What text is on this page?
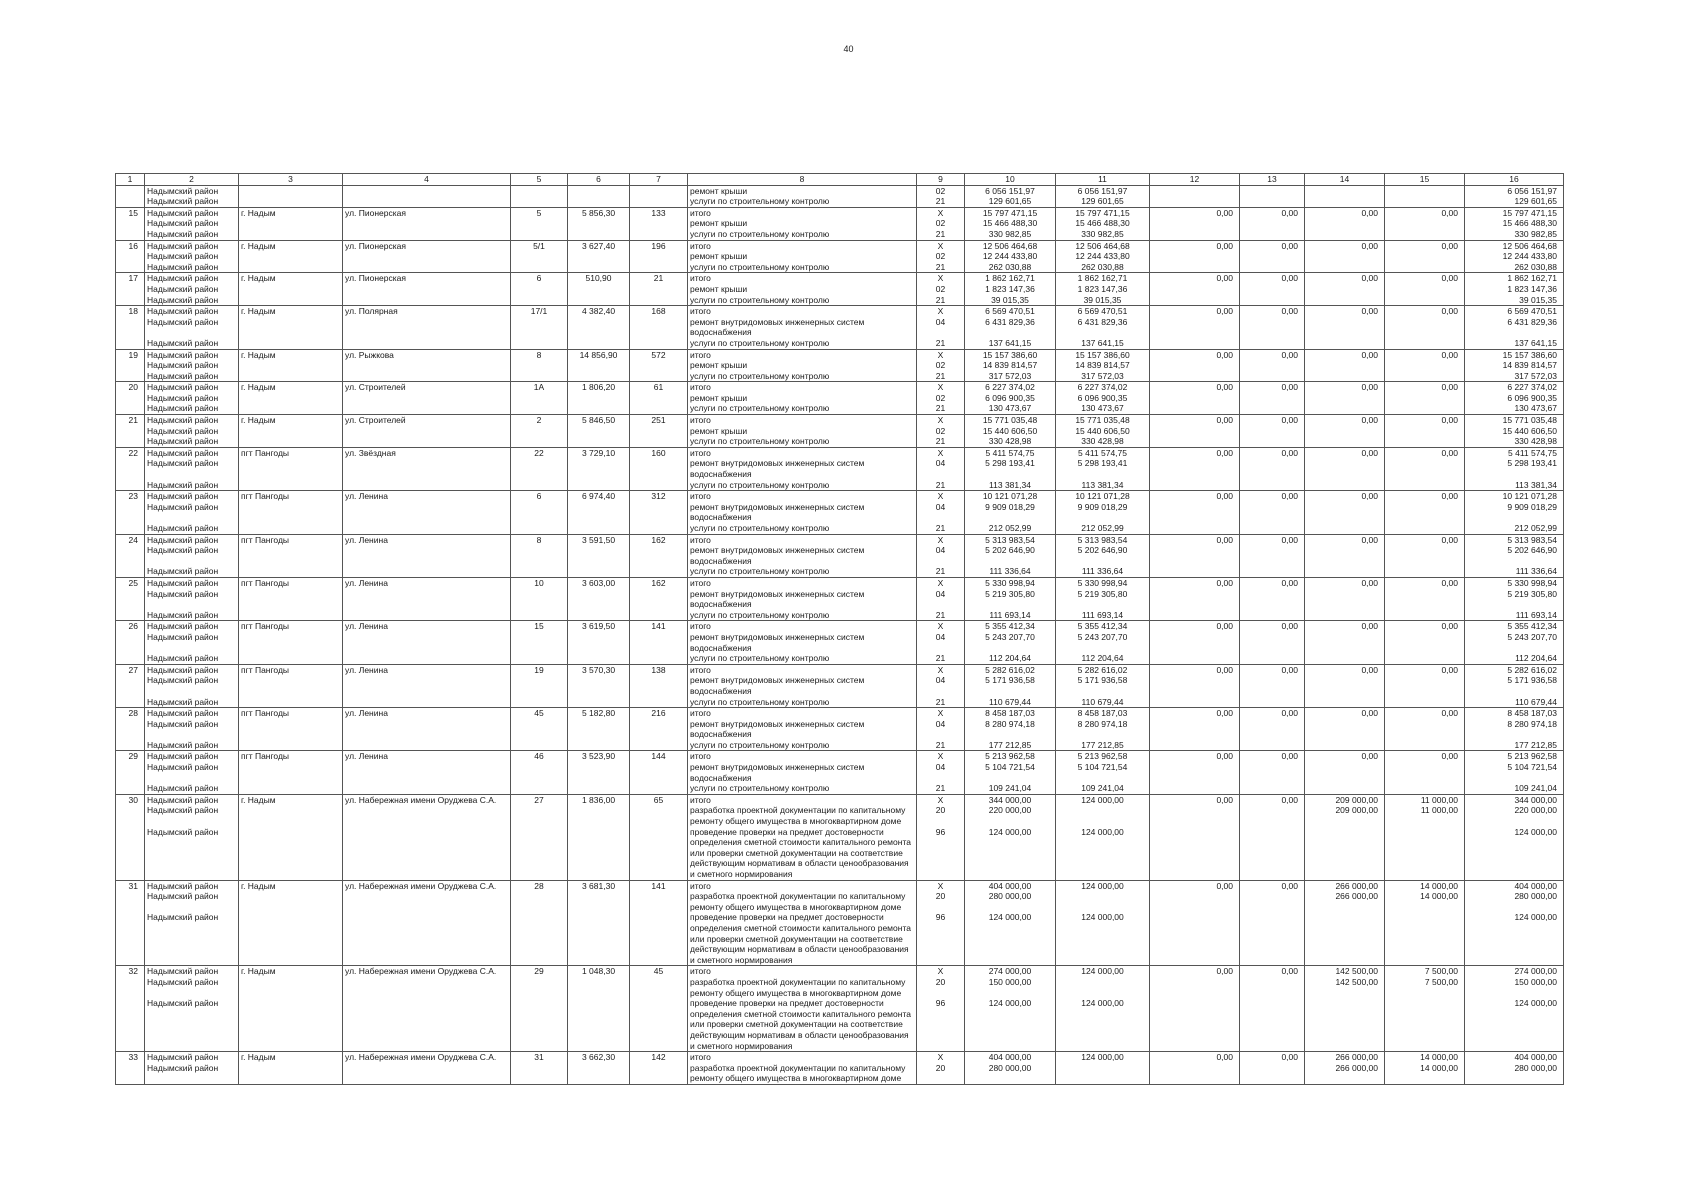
40
1	2	3	4	5	6	7	8	9	10	11	12	13	14	15	16
	Надымский район						ремонт крыши	02	6 056 151,97	6 056 151,97					6 056 151,97
	Надымский район						услуги по строительному контролю	21	129 601,65	129 601,65					129 601,65
15	Надымский район	г. Надым	ул. Пионерская	5	5 856,30	133	итого	X	15 797 471,15	15 797 471,15	0,00	0,00	0,00	0,00	15 797 471,15
	Надымский район						ремонт крыши	02	15 466 488,30	15 466 488,30					15 466 488,30
	Надымский район						услуги по строительному контролю	21	330 982,85	330 982,85					330 982,85
16	Надымский район	г. Надым	ул. Пионерская	5/1	3 627,40	196	итого	X	12 506 464,68	12 506 464,68	0,00	0,00	0,00	0,00	12 506 464,68
	Надымский район						ремонт крыши	02	12 244 433,80	12 244 433,80					12 244 433,80
	Надымский район						услуги по строительному контролю	21	262 030,88	262 030,88					262 030,88
17	Надымский район	г. Надым	ул. Пионерская	6	510,90	21	итого	X	1 862 162,71	1 862 162,71	0,00	0,00	0,00	0,00	1 862 162,71
	Надымский район						ремонт крыши	02	1 823 147,36	1 823 147,36					1 823 147,36
	Надымский район						услуги по строительному контролю	21	39 015,35	39 015,35					39 015,35
18	Надымский район	г. Надым	ул. Полярная	17/1	4 382,40	168	итого	X	6 569 470,51	6 569 470,51	0,00	0,00	0,00	0,00	6 569 470,51
	Надымский район						ремонт внутридомовых инженерных систем водоснабжения	04	6 431 829,36	6 431 829,36					6 431 829,36
	Надымский район						услуги по строительному контролю	21	137 641,15	137 641,15					137 641,15
19	Надымский район	г. Надым	ул. Рыжкова	8	14 856,90	572	итого	X	15 157 386,60	15 157 386,60	0,00	0,00	0,00	0,00	15 157 386,60
	Надымский район						ремонт крыши	02	14 839 814,57	14 839 814,57					14 839 814,57
	Надымский район						услуги по строительному контролю	21	317 572,03	317 572,03					317 572,03
20	Надымский район	г. Надым	ул. Строителей	1А	1 806,20	61	итого	X	6 227 374,02	6 227 374,02	0,00	0,00	0,00	0,00	6 227 374,02
	Надымский район						ремонт крыши	02	6 096 900,35	6 096 900,35					6 096 900,35
	Надымский район						услуги по строительному контролю	21	130 473,67	130 473,67					130 473,67
21	Надымский район	г. Надым	ул. Строителей	2	5 846,50	251	итого	X	15 771 035,48	15 771 035,48	0,00	0,00	0,00	0,00	15 771 035,48
	Надымский район						ремонт крыши	02	15 440 606,50	15 440 606,50					15 440 606,50
	Надымский район						услуги по строительному контролю	21	330 428,98	330 428,98					330 428,98
22	Надымский район	пгт Пангоды	ул. Звёздная	22	3 729,10	160	итого	X	5 411 574,75	5 411 574,75	0,00	0,00	0,00	0,00	5 411 574,75
	Надымский район						ремонт внутридомовых инженерных систем водоснабжения	04	5 298 193,41	5 298 193,41					5 298 193,41
	Надымский район						услуги по строительному контролю	21	113 381,34	113 381,34					113 381,34
23	Надымский район	пгт Пангоды	ул. Ленина	6	6 974,40	312	итого	X	10 121 071,28	10 121 071,28	0,00	0,00	0,00	0,00	10 121 071,28
	Надымский район						ремонт внутридомовых инженерных систем водоснабжения	04	9 909 018,29	9 909 018,29					9 909 018,29
	Надымский район						услуги по строительному контролю	21	212 052,99	212 052,99					212 052,99
24	Надымский район	пгт Пангоды	ул. Ленина	8	3 591,50	162	итого	X	5 313 983,54	5 313 983,54	0,00	0,00	0,00	0,00	5 313 983,54
	Надымский район						ремонт внутридомовых инженерных систем водоснабжения	04	5 202 646,90	5 202 646,90					5 202 646,90
	Надымский район						услуги по строительному контролю	21	111 336,64	111 336,64					111 336,64
25	Надымский район	пгт Пангоды	ул. Ленина	10	3 603,00	162	итого	X	5 330 998,94	5 330 998,94	0,00	0,00	0,00	0,00	5 330 998,94
	Надымский район						ремонт внутридомовых инженерных систем водоснабжения	04	5 219 305,80	5 219 305,80					5 219 305,80
	Надымский район						услуги по строительному контролю	21	111 693,14	111 693,14					111 693,14
26	Надымский район	пгт Пангоды	ул. Ленина	15	3 619,50	141	итого	X	5 355 412,34	5 355 412,34	0,00	0,00	0,00	0,00	5 355 412,34
	Надымский район						ремонт внутридомовых инженерных систем водоснабжения	04	5 243 207,70	5 243 207,70					5 243 207,70
	Надымский район						услуги по строительному контролю	21	112 204,64	112 204,64					112 204,64
27	Надымский район	пгт Пангоды	ул. Ленина	19	3 570,30	138	итого	X	5 282 616,02	5 282 616,02	0,00	0,00	0,00	0,00	5 282 616,02
	Надымский район						ремонт внутридомовых инженерных систем водоснабжения	04	5 171 936,58	5 171 936,58					5 171 936,58
	Надымский район						услуги по строительному контролю	21	110 679,44	110 679,44					110 679,44
28	Надымский район	пгт Пангоды	ул. Ленина	45	5 182,80	216	итого	X	8 458 187,03	8 458 187,03	0,00	0,00	0,00	0,00	8 458 187,03
	Надымский район						ремонт внутридомовых инженерных систем водоснабжения	04	8 280 974,18	8 280 974,18					8 280 974,18
	Надымский район						услуги по строительному контролю	21	177 212,85	177 212,85					177 212,85
29	Надымский район	пгт Пангоды	ул. Ленина	46	3 523,90	144	итого	X	5 213 962,58	5 213 962,58	0,00	0,00	0,00	0,00	5 213 962,58
	Надымский район						ремонт внутридомовых инженерных систем водоснабжения	04	5 104 721,54	5 104 721,54					5 104 721,54
	Надымский район						услуги по строительному контролю	21	109 241,04	109 241,04					109 241,04
30	Надымский район	г. Надым	ул. Набережная имени Оруджева С.А.	27	1 836,00	65	итого	X	344 000,00	124 000,00	0,00	0,00	209 000,00	11 000,00	344 000,00
	Надымский район						разработка проектной документации по капитальному ремонту общего имущества в многоквартирном доме	20	220 000,00				209 000,00	11 000,00	220 000,00
	Надымский район						проведение проверки на предмет достоверности определения сметной стоимости капитального ремонта или проверки сметной документации на соответствие действующим нормативам в области ценообразования и сметного нормирования	96	124 000,00	124 000,00					124 000,00
31	Надымский район	г. Надым	ул. Набережная имени Оруджева С.А.	28	3 681,30	141	итого	X	404 000,00	124 000,00	0,00	0,00	266 000,00	14 000,00	404 000,00
	Надымский район						разработка проектной документации по капитальному ремонту общего имущества в многоквартирном доме	20	280 000,00				266 000,00	14 000,00	280 000,00
	Надымский район						проведение проверки на предмет достоверности определения сметной стоимости капитального ремонта или проверки сметной документации на соответствие действующим нормативам в области ценообразования и сметного нормирования	96	124 000,00	124 000,00					124 000,00
32	Надымский район	г. Надым	ул. Набережная имени Оруджева С.А.	29	1 048,30	45	итого	X	274 000,00	124 000,00	0,00	0,00	142 500,00	7 500,00	274 000,00
	Надымский район						разработка проектной документации по капитальному ремонту общего имущества в многоквартирном доме	20	150 000,00				142 500,00	7 500,00	150 000,00
	Надымский район						проведение проверки на предмет достоверности определения сметной стоимости капитального ремонта или проверки сметной документации на соответствие действующим нормативам в области ценообразования и сметного нормирования	96	124 000,00	124 000,00					124 000,00
33	Надымский район	г. Надым	ул. Набережная имени Оруджева С.А.	31	3 662,30	142	итого	X	404 000,00	124 000,00	0,00	0,00	266 000,00	14 000,00	404 000,00
	Надымский район						разработка проектной документации по капитальному ремонту общего имущества в многоквартирном доме	20	280 000,00				266 000,00	14 000,00	280 000,00
